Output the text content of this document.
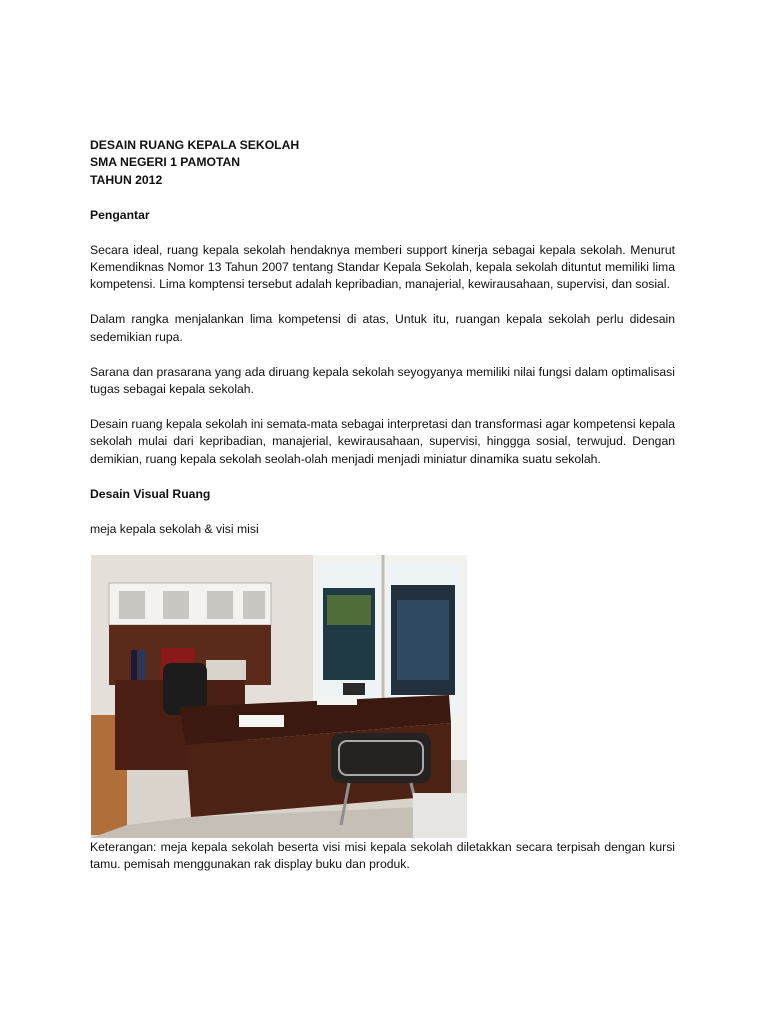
DESAIN RUANG KEPALA SEKOLAH
SMA NEGERI 1 PAMOTAN
TAHUN 2012
Pengantar

Secara ideal, ruang kepala sekolah hendaknya memberi support kinerja sebagai kepala sekolah. Menurut Kemendiknas Nomor 13 Tahun 2007 tentang Standar Kepala Sekolah, kepala sekolah dituntut memiliki lima kompetensi. Lima komptensi tersebut adalah kepribadian, manajerial, kewirausahaan, supervisi, dan sosial.

Dalam rangka menjalankan lima kompetensi di atas, Untuk itu, ruangan kepala sekolah perlu didesain sedemikian rupa.

Sarana dan prasarana yang ada diruang kepala sekolah seyogyanya memiliki nilai fungsi dalam optimalisasi tugas sebagai kepala sekolah.

Desain ruang kepala sekolah ini semata-mata sebagai interpretasi dan transformasi agar kompetensi kepala sekolah mulai dari kepribadian, manajerial, kewirausahaan, supervisi, hinggga sosial, terwujud. Dengan demikian, ruang kepala sekolah seolah-olah menjadi menjadi miniatur dinamika suatu sekolah.

Desain Visual Ruang
meja kepala sekolah & visi misi

Keterangan: meja kepala sekolah beserta visi misi kepala sekolah diletakkan secara terpisah dengan kursi tamu. pemisah menggunakan rak display buku dan produk.
